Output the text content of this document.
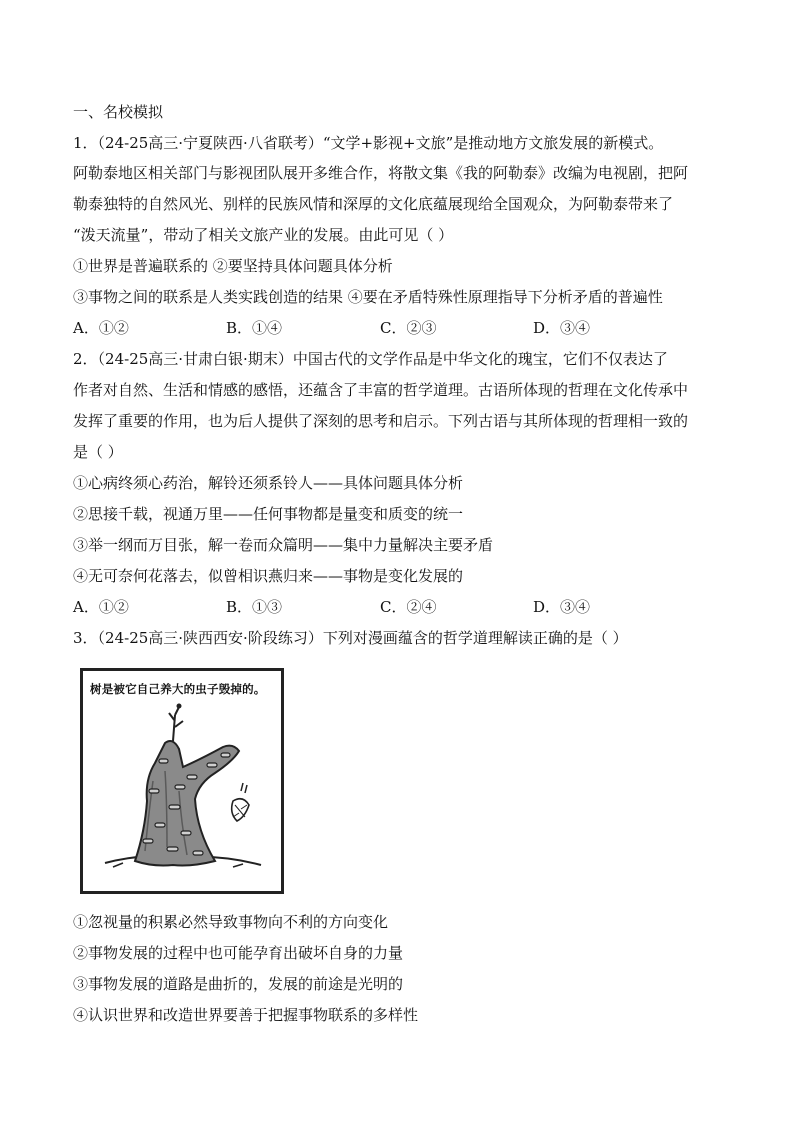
一、名校模拟
1．（24-25高三·宁夏陕西·八省联考）“文学+影视+文旅”是推动地方文旅发展的新模式。
阿勒泰地区相关部门与影视团队展开多维合作，将散文集《我的阿勒泰》改编为电视剧，把阿
勒泰独特的自然风光、别样的民族风情和深厚的文化底蕴展现给全国观众，为阿勒泰带来了
“泼天流量”，带动了相关文旅产业的发展。由此可见（ ）
①世界是普遍联系的 ②要坚持具体问题具体分析
③事物之间的联系是人类实践创造的结果 ④要在矛盾特殊性原理指导下分析矛盾的普遍性
A．①②	B．①④	C．②③	D．③④
2．（24-25高三·甘肃白银·期末）中国古代的文学作品是中华文化的瑰宝，它们不仅表达了
作者对自然、生活和情感的感悟，还蕴含了丰富的哲学道理。古语所体现的哲理在文化传承中
发挥了重要的作用，也为后人提供了深刻的思考和启示。下列古语与其所体现的哲理相一致的
是（ ）
①心病终须心药治，解铃还须系铃人——具体问题具体分析
②思接千载，视通万里——任何事物都是量变和质变的统一
③举一纲而万目张，解一卷而众篇明——集中力量解决主要矛盾
④无可奈何花落去，似曾相识燕归来——事物是变化发展的
A．①②	B．①③	C．②④	D．③④
3．（24-25高三·陕西西安·阶段练习）下列对漫画蕴含的哲学道理解读正确的是（ ）
树是被它自己养大的虫子毁掉的。
①忽视量的积累必然导致事物向不利的方向变化
②事物发展的过程中也可能孕育出破坏自身的力量
③事物发展的道路是曲折的，发展的前途是光明的
④认识世界和改造世界要善于把握事物联系的多样性
